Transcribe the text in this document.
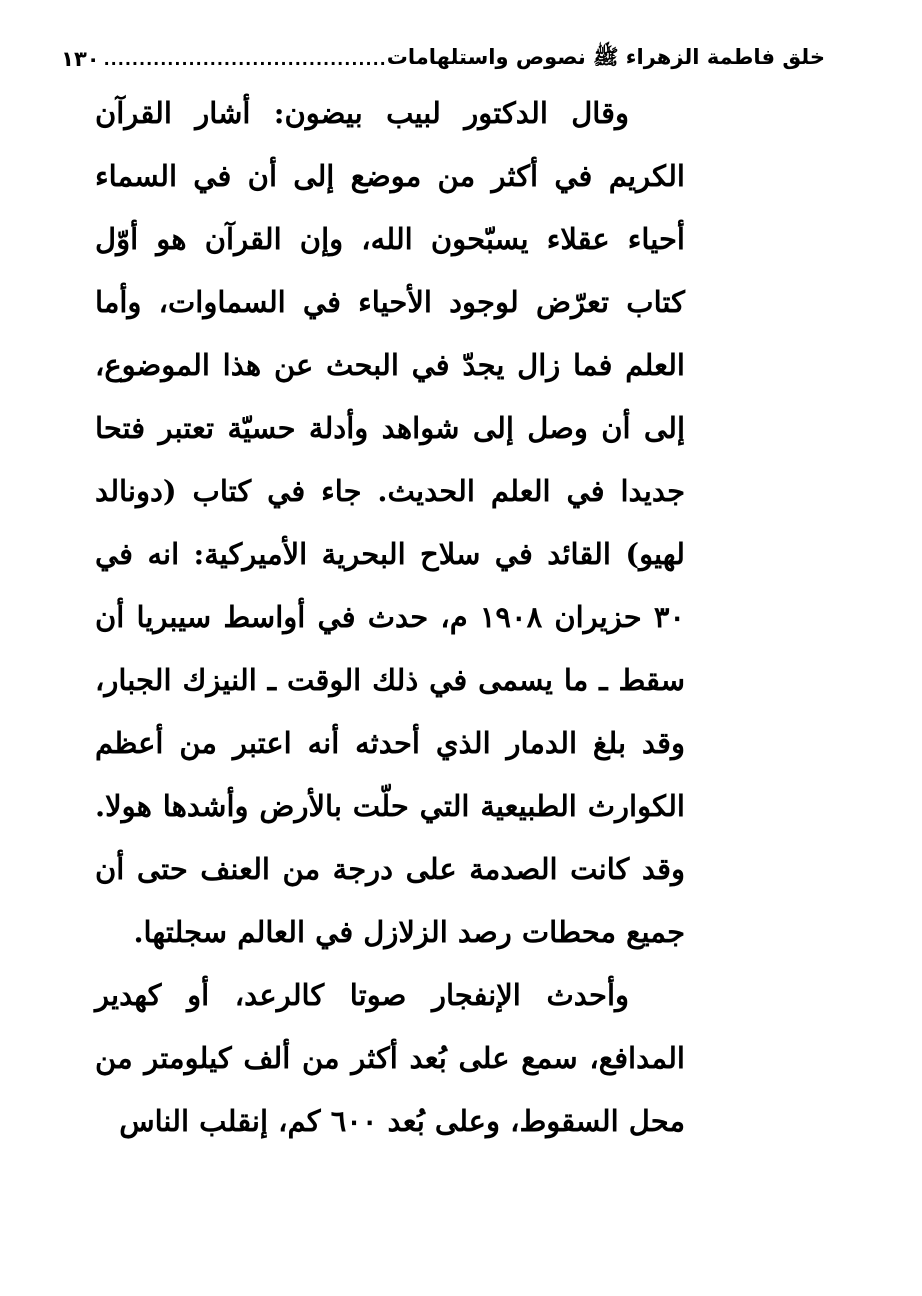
خلق فاطمة الزهراء ﷺ نصوص واستلهامات
........................................
١٣٠

وقال الدكتور لبيب بيضون: أشار القرآن الكريم في أكثر من موضع إلى أن في السماء أحياء عقلاء يسبّحون الله، وإن القرآن هو أوّل كتاب تعرّض لوجود الأحياء في السماوات، وأما العلم فما زال يجدّ في البحث عن هذا الموضوع، إلى أن وصل إلى شواهد وأدلة حسيّة تعتبر فتحا جديدا في العلم الحديث. جاء في كتاب (دونالد لهيو) القائد في سلاح البحرية الأميركية: انه في ٣٠ حزيران ١٩٠٨ م، حدث في أواسط سيبريا أن سقط ـ ما يسمى في ذلك الوقت ـ النيزك الجبار، وقد بلغ الدمار الذي أحدثه أنه اعتبر من أعظم الكوارث الطبيعية التي حلّت بالأرض وأشدها هولا. وقد كانت الصدمة على درجة من العنف حتى أن جميع محطات رصد الزلازل في العالم سجلتها.

وأحدث الإنفجار صوتا كالرعد، أو كهدير المدافع، سمع على بُعد أكثر من ألف كيلومتر من محل السقوط، وعلى بُعد ٦٠٠ كم، إنقلب الناس
